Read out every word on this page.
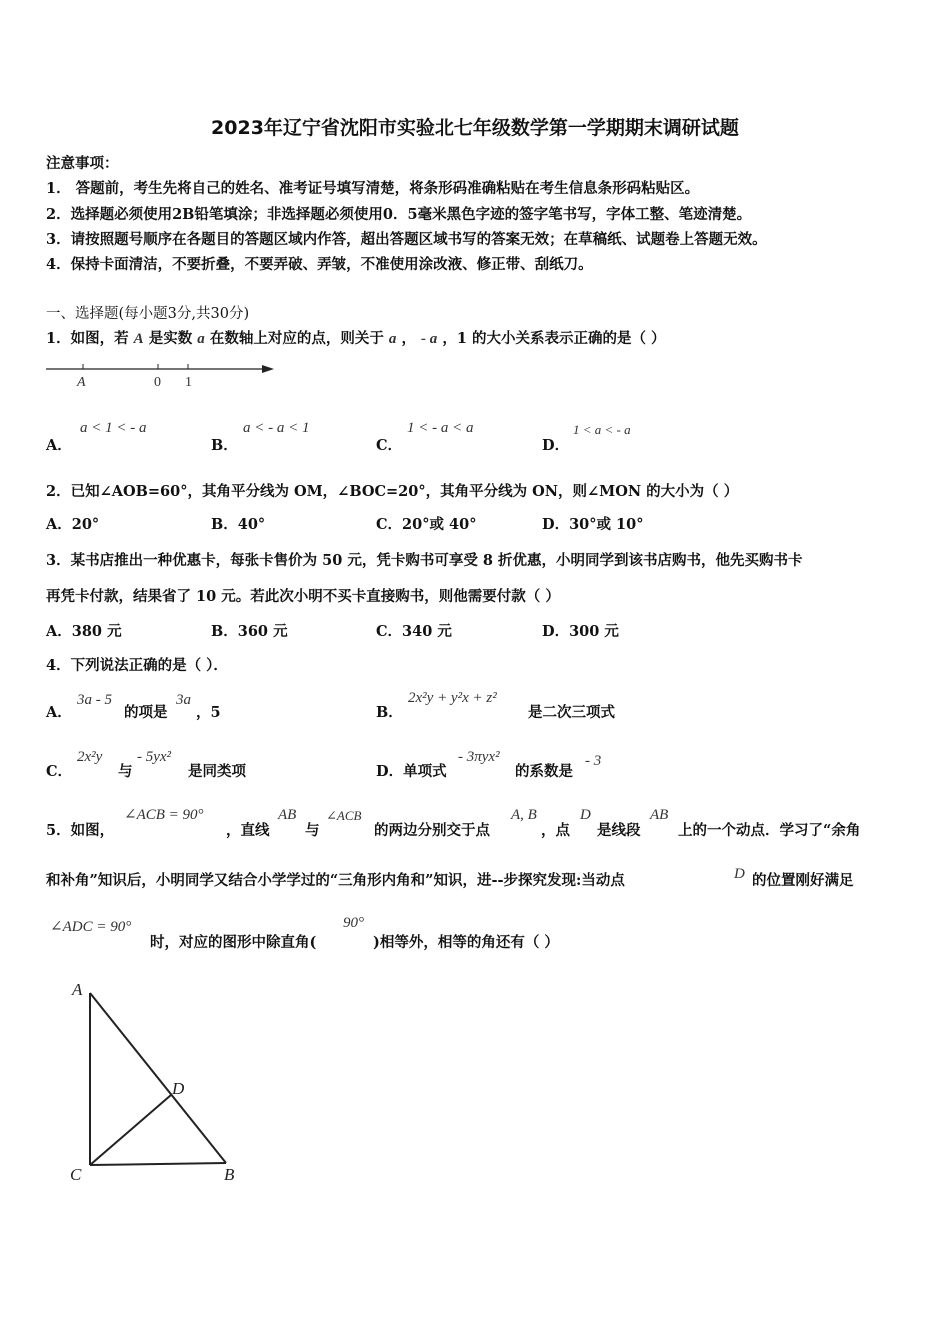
2023年辽宁省沈阳市实验北七年级数学第一学期期末调研试题
注意事项：
1． 答题前，考生先将自己的姓名、准考证号填写清楚，将条形码准确粘贴在考生信息条形码粘贴区。
2．选择题必须使用2B铅笔填涂；非选择题必须使用0．5毫米黑色字迹的签字笔书写，字体工整、笔迹清楚。
3．请按照题号顺序在各题目的答题区域内作答，超出答题区域书写的答案无效；在草稿纸、试题卷上答题无效。
4．保持卡面清洁，不要折叠，不要弄破、弄皱，不准使用涂改液、修正带、刮纸刀。
一、选择题(每小题3分,共30分)
1．如图，若 A 是实数 a 在数轴上对应的点，则关于 a ， - a ，1 的大小关系表示正确的是（ ）
A	0 1
A．
a < 1 < - a
B．
a < - a < 1
C．
1 < - a < a
D．
1 < a < - a
2．已知∠AOB=60°，其角平分线为 OM，∠BOC=20°，其角平分线为 ON，则∠MON 的大小为（ ）
A．20°	B．40°	C．20°或 40°	D．30°或 10°
3．某书店推出一种优惠卡，每张卡售价为 50 元，凭卡购书可享受 8 折优惠，小明同学到该书店购书，他先买购书卡
再凭卡付款，结果省了 10 元。若此次小明不买卡直接购书，则他需要付款（ ）
A．380 元	B．360 元	C．340 元	D．300 元
4．下列说法正确的是（ ）．
A．
3a - 5
的项是
3a
，5	B．
2x²y + y²x + z²
是二次三项式
C．
2x²y
与
- 5yx²
是同类项	D．单项式
- 3πyx²
的系数是
- 3
5．如图，
∠ACB = 90°
，直线
AB
与
∠ACB
的两边分别交于点
A, B
，点
D
是线段
AB
上的一个动点．学习了“余角
和补角”知识后，小明同学又结合小学学过的“三角形内角和”知识，进--步探究发现:当动点	D 的位置刚好满足
∠ADC = 90°
时，对应的图形中除直角(
90°
)相等外，相等的角还有（ ）
A
D
C	B
